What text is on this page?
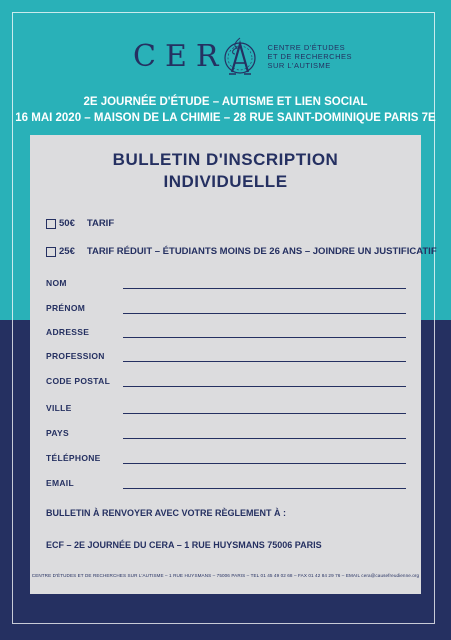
CER	CENTRE D'ÉTUDES
ET DE RECHERCHES
SUR L'AUTISME
2E JOURNÉE D'ÉTUDE – AUTISME ET LIEN SOCIAL
16 MAI 2020 – MAISON DE LA CHIMIE – 28 RUE SAINT-DOMINIQUE PARIS 7E
BULLETIN D'INSCRIPTION
INDIVIDUELLE
50€ TARIF
25€ TARIF RÉDUIT – ÉTUDIANTS MOINS DE 26 ANS – JOINDRE UN JUSTIFICATIF
NOM
PRÉNOM
ADRESSE
PROFESSION
CODE POSTAL
VILLE
PAYS
TÉLÉPHONE
EMAIL
BULLETIN À RENVOYER AVEC VOTRE RÈGLEMENT À :
ECF – 2E JOURNÉE DU CERA – 1 RUE HUYSMANS 75006 PARIS
CENTRE D'ÉTUDES ET DE RECHERCHES SUR L'AUTISME – 1 RUE HUYSMANS – 75006 PARIS – TEL 01 45 49 02 68 – FAX 01 42 84 29 76 – EMAIL cera@causefreudienne.org
